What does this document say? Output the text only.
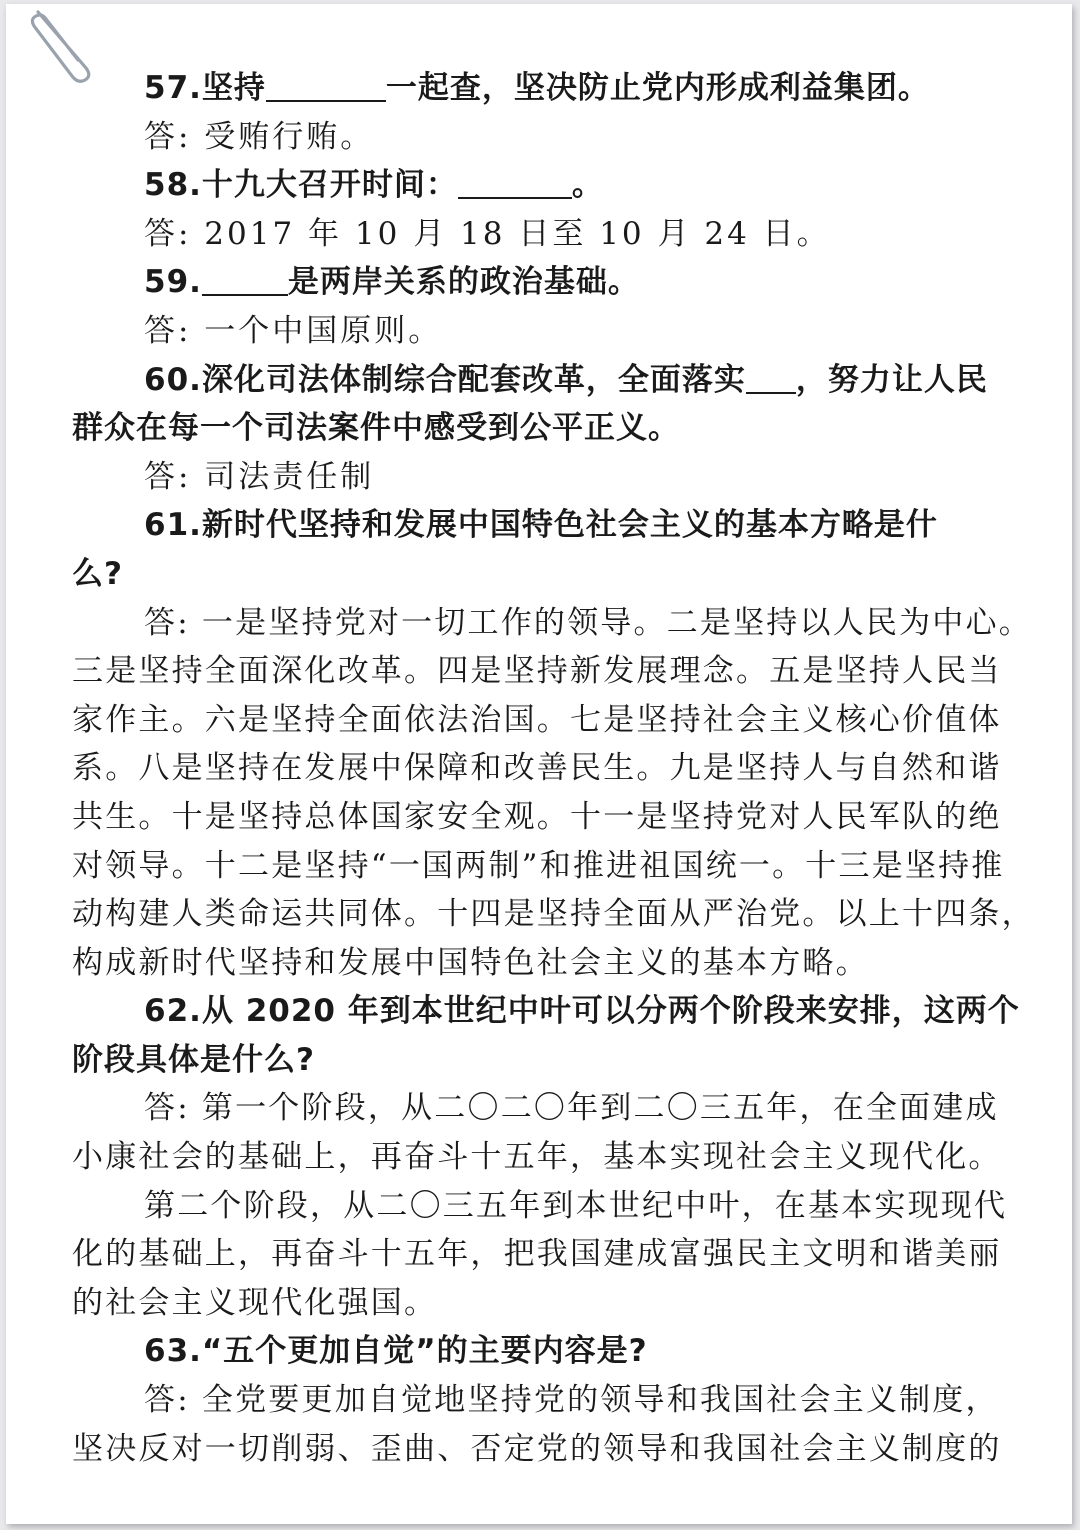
57.坚持	一起查，坚决防止党内形成利益集团。
答: 受贿行贿。
58.十九大召开时间：	。
答: 2017 年 10 月 18 日至 10 月 24 日。
59.	是两岸关系的政治基础。
答: 一个中国原则。
60.深化司法体制综合配套改革，全面落实 ，努力让人民
群众在每一个司法案件中感受到公平正义。
答: 司法责任制
61.新时代坚持和发展中国特色社会主义的基本方略是什
么?
答: 一是坚持党对一切工作的领导。二是坚持以人民为中心。
三是坚持全面深化改革。四是坚持新发展理念。五是坚持人民当
家作主。六是坚持全面依法治国。七是坚持社会主义核心价值体
系。八是坚持在发展中保障和改善民生。九是坚持人与自然和谐
共生。十是坚持总体国家安全观。十一是坚持党对人民军队的绝
对领导。十二是坚持“一国两制”和推进祖国统一。十三是坚持推
动构建人类命运共同体。十四是坚持全面从严治党。以上十四条，
构成新时代坚持和发展中国特色社会主义的基本方略。
62.从 2020 年到本世纪中叶可以分两个阶段来安排，这两个
阶段具体是什么?
答: 第一个阶段，从二〇二〇年到二〇三五年，在全面建成
小康社会的基础上，再奋斗十五年，基本实现社会主义现代化。
第二个阶段，从二〇三五年到本世纪中叶，在基本实现现代
化的基础上，再奋斗十五年，把我国建成富强民主文明和谐美丽
的社会主义现代化强国。
63.“五个更加自觉”的主要内容是?
答: 全党要更加自觉地坚持党的领导和我国社会主义制度，
坚决反对一切削弱、歪曲、否定党的领导和我国社会主义制度的
